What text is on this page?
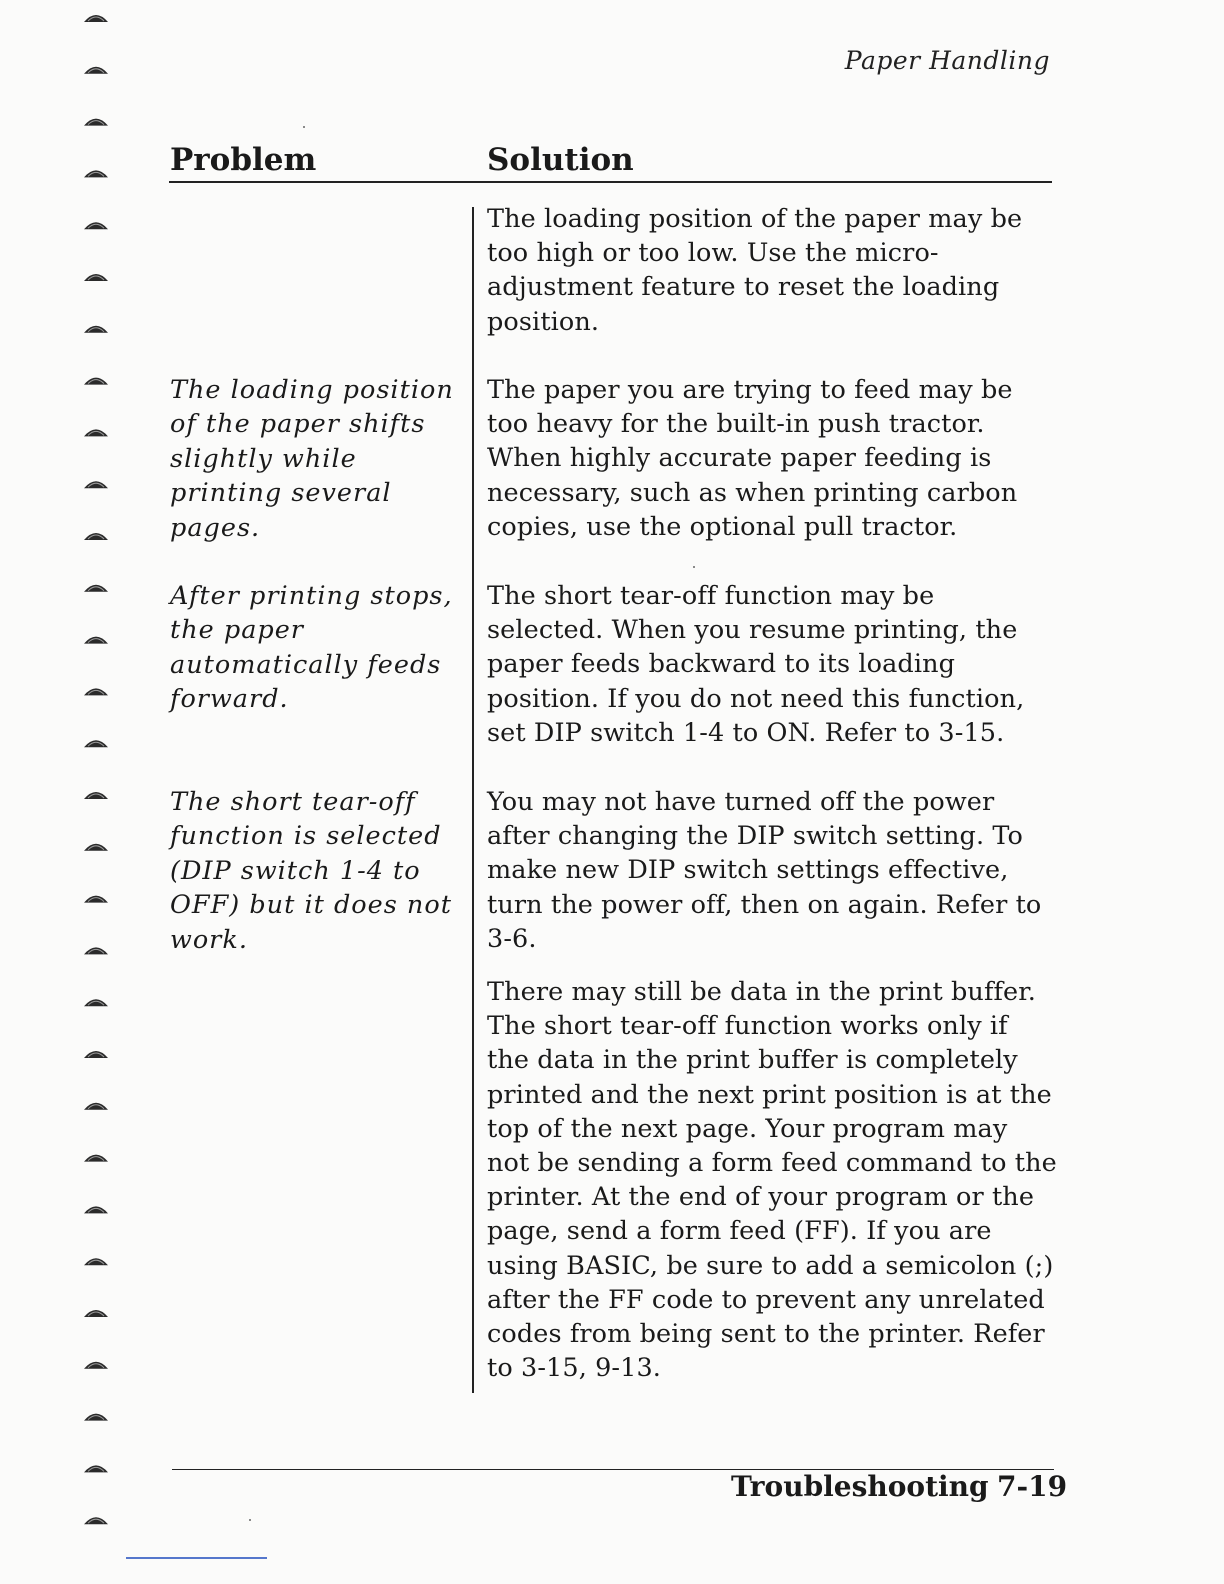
Paper Handling
Problem	Solution
The loading position of the paper may be too high or too low. Use the micro-adjustment feature to reset the loading position.
The loading position of the paper shifts slightly while printing several pages.
The paper you are trying to feed may be too heavy for the built-in push tractor. When highly accurate paper feeding is necessary, such as when printing carbon copies, use the optional pull tractor.
After printing stops, the paper automatically feeds forward.
The short tear-off function may be selected. When you resume printing, the paper feeds backward to its loading position. If you do not need this function, set DIP switch 1-4 to ON. Refer to 3-15.
The short tear-off function is selected (DIP switch 1-4 to OFF) but it does not work.
You may not have turned off the power after changing the DIP switch setting. To make new DIP switch settings effective, turn the power off, then on again. Refer to 3-6.
There may still be data in the print buffer. The short tear-off function works only if the data in the print buffer is completely printed and the next print position is at the top of the next page. Your program may not be sending a form feed command to the printer. At the end of your program or the page, send a form feed (FF). If you are using BASIC, be sure to add a semicolon (;) after the FF code to prevent any unrelated codes from being sent to the printer. Refer to 3-15, 9-13.
Troubleshooting 7-19
